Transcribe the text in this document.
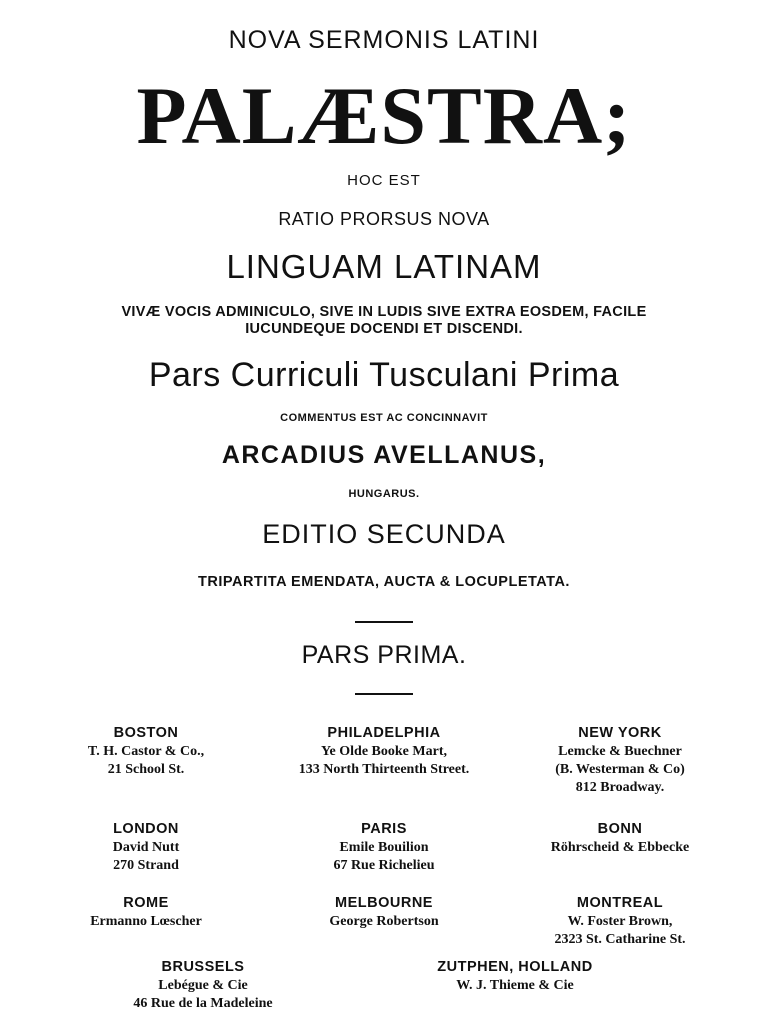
NOVA SERMONIS LATINI
PALÆSTRA;
HOC EST
RATIO PRORSUS NOVA
LINGUAM LATINAM
VIVÆ VOCIS ADMINICULO, SIVE IN LUDIS SIVE EXTRA EOSDEM, FACILE
IUCUNDEQUE DOCENDI ET DISCENDI.
Pars Curriculi Tusculani Prima
COMMENTUS EST AC CONCINNAVIT
ARCADIUS AVELLANUS,
HUNGARUS.
EDITIO SECUNDA
TRIPARTITA EMENDATA, AUCTA & LOCUPLETATA.
PARS PRIMA.
BOSTON
T. H. Castor & Co.,
21 School St.
PHILADELPHIA
Ye Olde Booke Mart,
133 North Thirteenth Street.
NEW YORK
Lemcke & Buechner
(B. Westerman & Co)
812 Broadway.
LONDON
David Nutt
270 Strand
PARIS
Emile Bouilion
67 Rue Richelieu
BONN
Röhrscheid & Ebbecke
ROME
Ermanno Lœscher
MELBOURNE
George Robertson
MONTREAL
W. Foster Brown,
2323 St. Catharine St.
BRUSSELS
Lebégue & Cie
46 Rue de la Madeleine
ZUTPHEN, HOLLAND
W. J. Thieme & Cie
